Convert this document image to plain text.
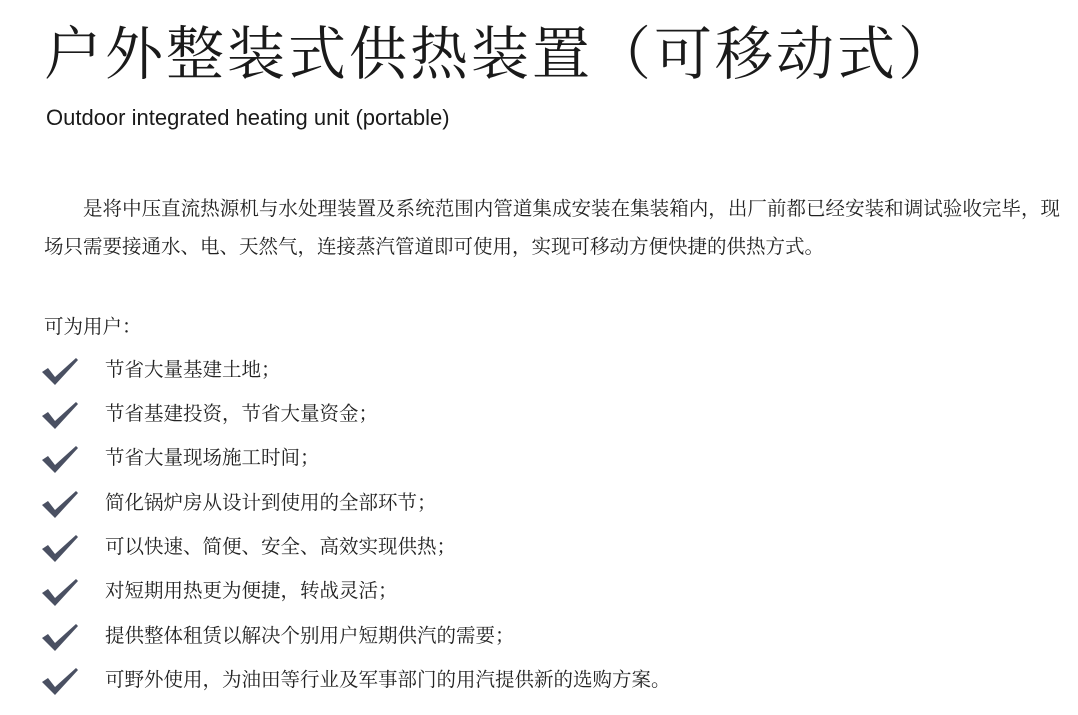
户外整装式供热装置（可移动式）
Outdoor integrated heating unit (portable)

是将中压直流热源机与水处理装置及系统范围内管道集成安装在集装箱内，出厂前都已经安装和调试验收完毕，现场只需要接通水、电、天然气，连接蒸汽管道即可使用，实现可移动方便快捷的供热方式。

可为用户：

节省大量基建土地；
节省基建投资，节省大量资金；
节省大量现场施工时间；
简化锅炉房从设计到使用的全部环节；
可以快速、简便、安全、高效实现供热；
对短期用热更为便捷，转战灵活；
提供整体租赁以解决个别用户短期供汽的需要；
可野外使用，为油田等行业及军事部门的用汽提供新的选购方案。
